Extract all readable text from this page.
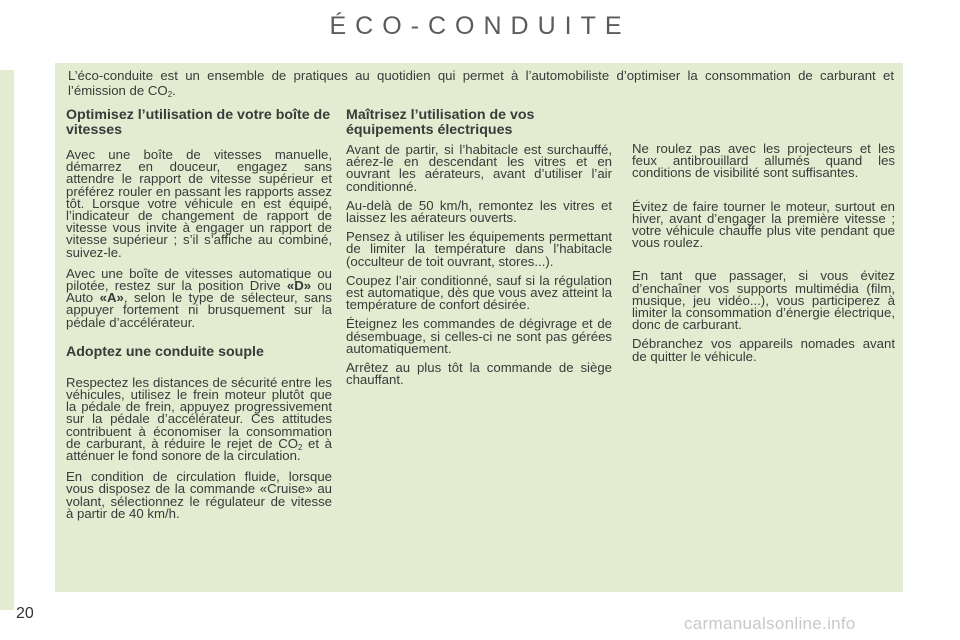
ÉCO-CONDUITE

L’éco-conduite est un ensemble de pratiques au quotidien qui permet à l’automobiliste d’optimiser la consommation de carburant et l’émission de $CO_2$.

Optimisez l’utilisation de votre boîte de vitesses

Avec une boîte de vitesses manuelle, démarrez en douceur, engagez sans attendre le rapport de vitesse supérieur et préférez rouler en passant les rapports assez tôt. Lorsque votre véhicule en est équipé, l’indicateur de changement de rapport de vitesse vous invite à engager un rapport de vitesse supérieur ; s’il s’affiche au combiné, suivez-le.

Avec une boîte de vitesses automatique ou pilotée, restez sur la position Drive «D» ou Auto «A», selon le type de sélecteur, sans appuyer fortement ni brusquement sur la pédale d’accélérateur.

Adoptez une conduite souple

Respectez les distances de sécurité entre les véhicules, utilisez le frein moteur plutôt que la pédale de frein, appuyez progressivement sur la pédale d’accélérateur. Ces attitudes contribuent à économiser la consommation de carburant, à réduire le rejet de $CO_2$ et à atténuer le fond sonore de la circulation.

En condition de circulation fluide, lorsque vous disposez de la commande «Cruise» au volant, sélectionnez le régulateur de vitesse à partir de 40 km/h.

Maîtrisez l’utilisation de vos équipements électriques

Avant de partir, si l’habitacle est surchauffé, aérez-le en descendant les vitres et en ouvrant les aérateurs, avant d’utiliser l’air conditionné.

Au-delà de 50 km/h, remontez les vitres et laissez les aérateurs ouverts.

Pensez à utiliser les équipements permettant de limiter la température dans l’habitacle (occulteur de toit ouvrant, stores...).

Coupez l’air conditionné, sauf si la régulation est automatique, dès que vous avez atteint la température de confort désirée.

Éteignez les commandes de dégivrage et de désembuage, si celles-ci ne sont pas gérées automatiquement.

Arrêtez au plus tôt la commande de siège chauffant.

Ne roulez pas avec les projecteurs et les feux antibrouillard allumés quand les conditions de visibilité sont suffisantes.

Évitez de faire tourner le moteur, surtout en hiver, avant d’engager la première vitesse ; votre véhicule chauffe plus vite pendant que vous roulez.

En tant que passager, si vous évitez d’enchaîner vos supports multimédia (film, musique, jeu vidéo...), vous participerez à limiter la consommation d’énergie électrique, donc de carburant.

Débranchez vos appareils nomades avant de quitter le véhicule.

20
carmanualsonline.info
